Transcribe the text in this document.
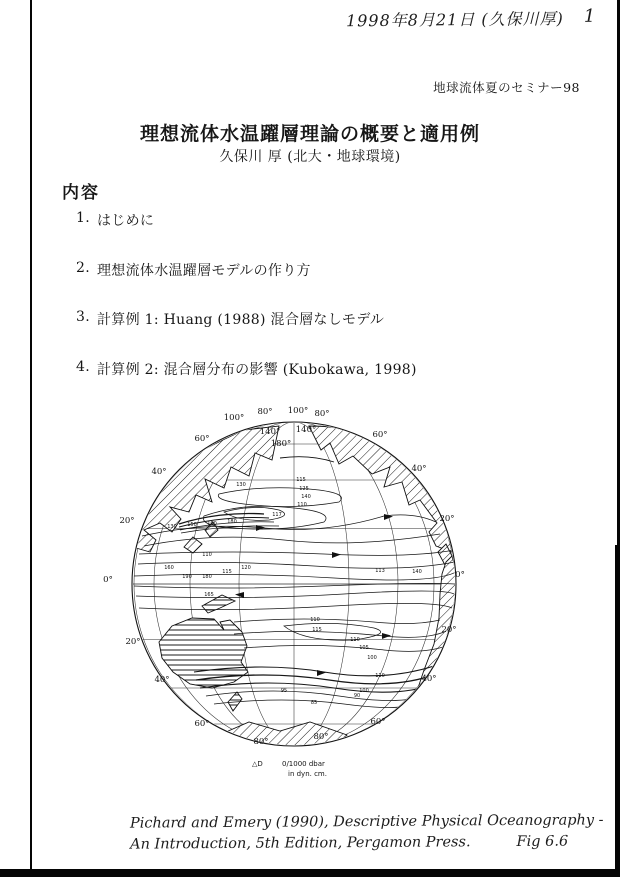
1998年8月21日 (久保川厚) 1
地球流体夏のセミナー98
理想流体水温躍層理論の概要と適用例
久保川 厚 (北大・地球環境)
内容
1. はじめに
2. 理想流体水温躍層モデルの作り方
3. 計算例 1: Huang (1988) 混合層なしモデル
4. 計算例 2: 混合層分布の影響 (Kubokawa, 1998)
100°
80° 100° 80°
140° 140°
180°
60°	60°
40°	40°
20°	20°
0°	0°
20°
20°
40°	40°
60°	60°
80°	80°
130 150 160 180
110
130
115
125
140
110
117
160
190 180
115
120	113	140
165
110
115
110
105
100
110
100
90
85
95
△D	0/1000 dbar
in dyn. cm.
Pichard and Emery (1990), Descriptive Physical Oceanography -
An Introduction, 5th Edition, Pergamon Press.	Fig 6.6
